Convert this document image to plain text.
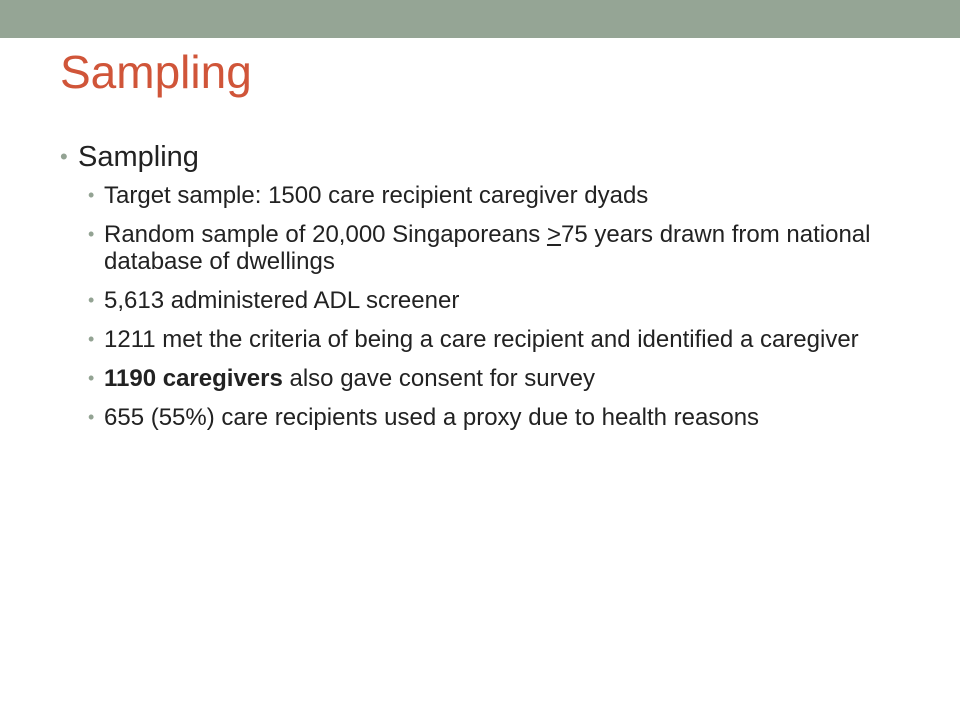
Sampling
• Sampling
• Target sample: 1500 care recipient caregiver dyads
• Random sample of 20,000 Singaporeans >75 years drawn from national database of dwellings
• 5,613 administered ADL screener
• 1211 met the criteria of being a care recipient and identified a caregiver
• 1190 caregivers also gave consent for survey
• 655 (55%) care recipients used a proxy due to health reasons
